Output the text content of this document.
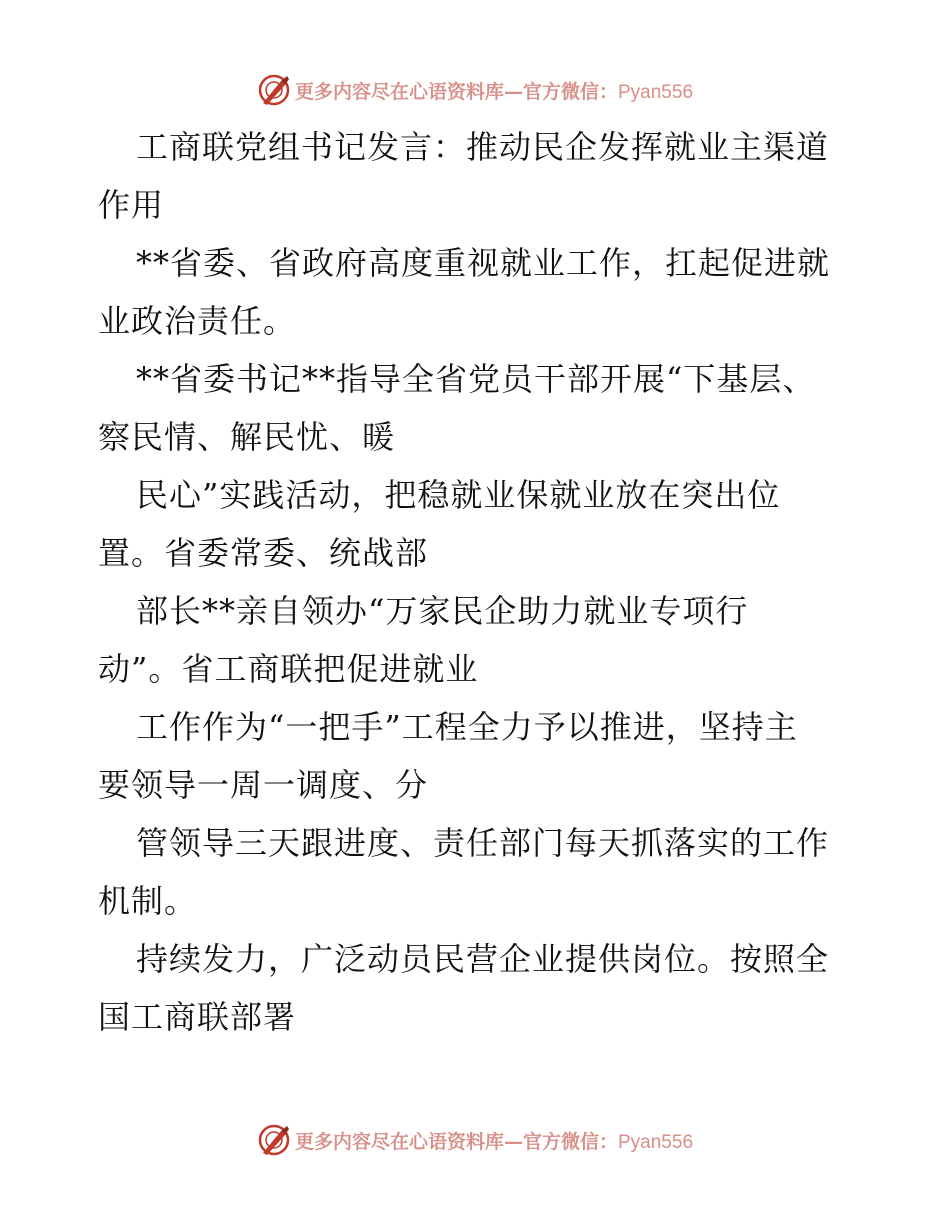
更多内容尽在心语资料库—官方微信：Pyan556
工商联党组书记发言：推动民企发挥就业主渠道
作用
**省委、省政府高度重视就业工作，扛起促进就
业政治责任。
**省委书记**指导全省党员干部开展“下基层、
察民情、解民忧、暖
民心”实践活动，把稳就业保就业放在突出位
置。省委常委、统战部
部长**亲自领办“万家民企助力就业专项行
动”。省工商联把促进就业
工作作为“一把手”工程全力予以推进，坚持主
要领导一周一调度、分
管领导三天跟进度、责任部门每天抓落实的工作
机制。
持续发力，广泛动员民营企业提供岗位。按照全
国工商联部署
更多内容尽在心语资料库—官方微信：Pyan556
